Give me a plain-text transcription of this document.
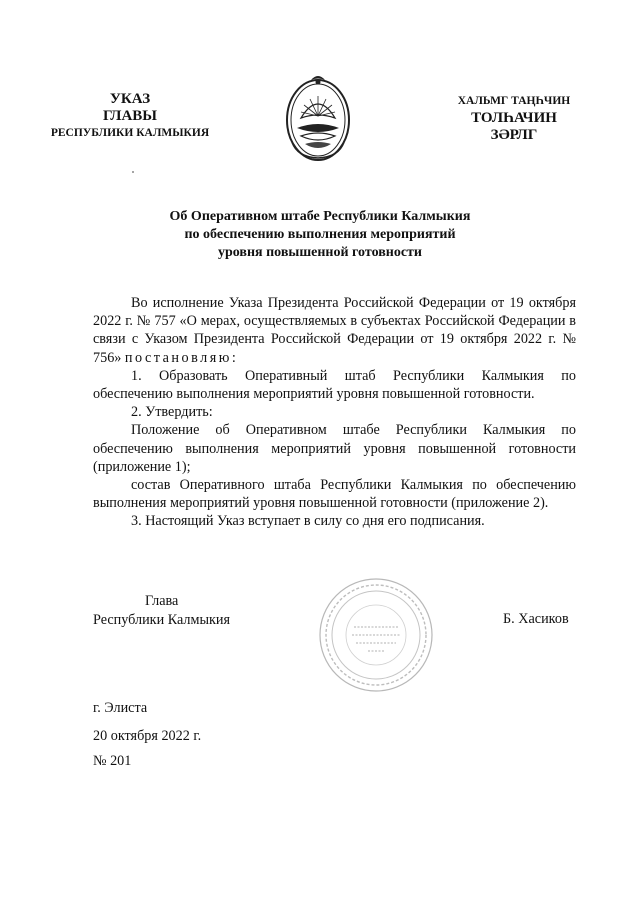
УКАЗ
ГЛАВЫ
РЕСПУБЛИКИ КАЛМЫКИЯ
ХАЛЬМГ ТАҢҺЧИН
ТОЛҺАЧИН
ЗӘРЛГ
Об Оперативном штабе Республики Калмыкия
по обеспечению выполнения мероприятий
уровня повышенной готовности

Во исполнение Указа Президента Российской Федерации от 19 октября 2022 г. № 757 «О мерах, осуществляемых в субъектах Российской Федерации в связи с Указом Президента Российской Федерации от 19 октября 2022 г. № 756» постановляю:

1. Образовать Оперативный штаб Республики Калмыкия по обеспечению выполнения мероприятий уровня повышенной готовности.

2. Утвердить:

Положение об Оперативном штабе Республики Калмыкия по обеспечению выполнения мероприятий уровня повышенной готовности (приложение 1);

состав Оперативного штаба Республики Калмыкия по обеспечению выполнения мероприятий уровня повышенной готовности (приложение 2).

3. Настоящий Указ вступает в силу со дня его подписания.

Глава
Республики Калмыкия	Б. Хасиков
г. Элиста
20 октября 2022 г.
№ 201
